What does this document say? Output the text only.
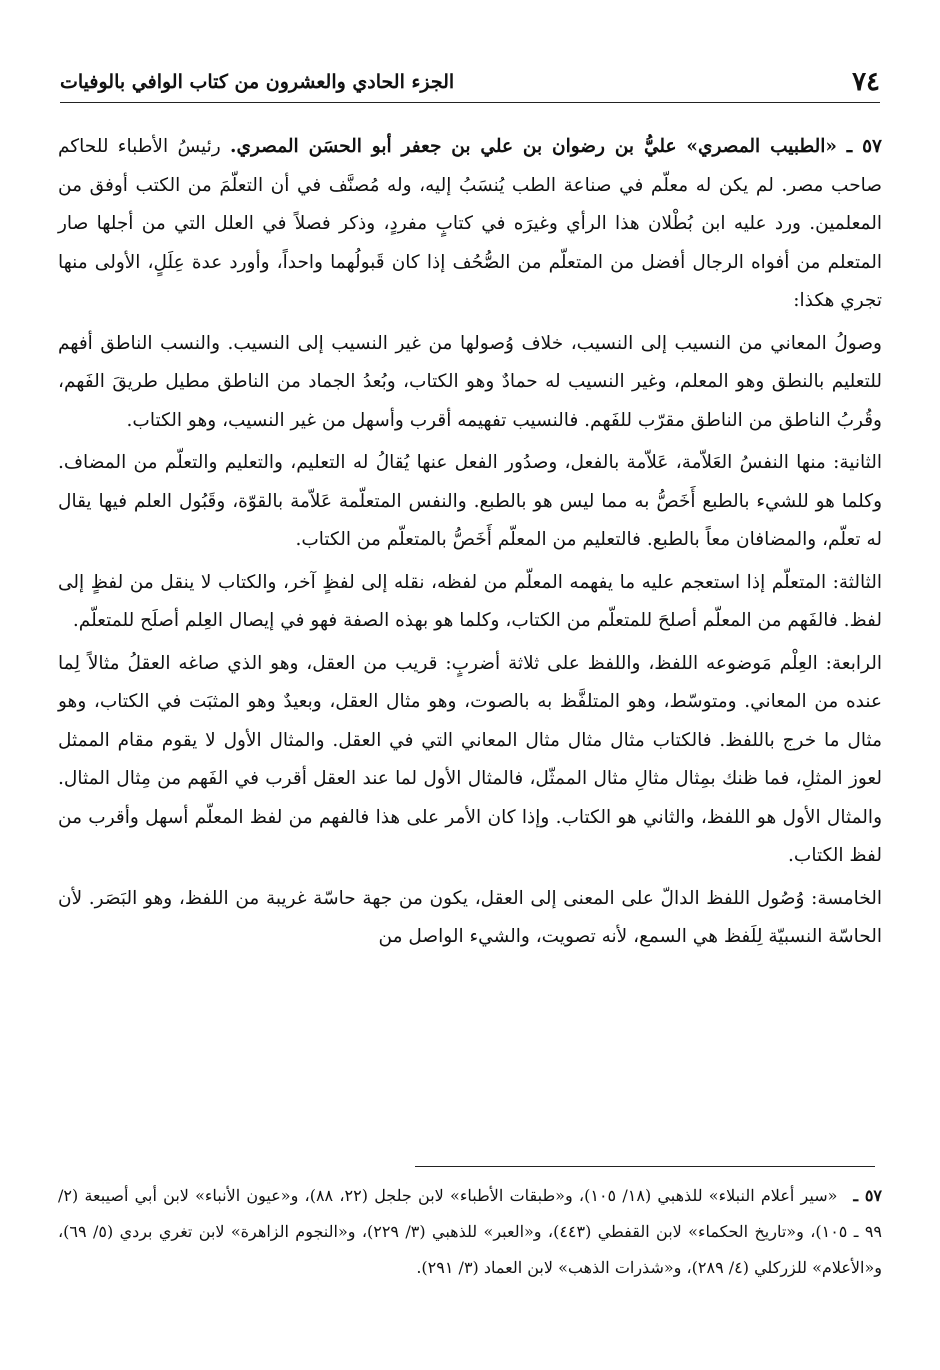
٧٤
الجزء الحادي والعشرون من كتاب الوافي بالوفيات

٥٧ ـ «الطبيب المصري» عليُّ بن رضوان بن علي بن جعفر أبو الحسَن المصري. رئيسُ الأطباء للحاكم صاحب مصر. لم يكن له معلّم في صناعة الطب يُنسَبُ إليه، وله مُصنَّف في أن التعلّمَ من الكتب أوفق من المعلمين. ورد عليه ابن بُطْلان هذا الرأي وغيرَه في كتابٍ مفردٍ، وذكر فصلاً في العلل التي من أجلها صار المتعلم من أفواه الرجال أفضل من المتعلّم من الصُّحُف إذا كان قَبولُهما واحداً، وأورد عدة عِلَلٍ، الأولى منها تجري هكذا:

وصولُ المعاني من النسيب إلى النسيب، خلاف وُصولها من غير النسيب إلى النسيب. والنسب الناطق أفهم للتعليم بالنطق وهو المعلم، وغير النسيب له حمادٌ وهو الكتاب، وبُعدُ الجماد من الناطق مطيل طريقَ الفَهم، وقُربُ الناطق من الناطق مقرّب للفَهم. فالنسيب تفهيمه أقرب وأسهل من غير النسيب، وهو الكتاب.

الثانية: منها النفسُ العَلاّمة، عَلاّمة بالفعل، وصدُور الفعل عنها يُقالُ له التعليم، والتعليم والتعلّم من المضاف. وكلما هو للشيء بالطبع أَخَصُّ به مما ليس هو بالطبع. والنفس المتعلّمة عَلاّمة بالقوّة، وقَبُول العلم فيها يقال له تعلّم، والمضافان معاً بالطبع. فالتعليم من المعلّم أَخَصُّ بالمتعلّم من الكتاب.

الثالثة: المتعلّم إذا استعجم عليه ما يفهمه المعلّم من لفظه، نقله إلى لفظٍ آخر، والكتاب لا ينقل من لفظٍ إلى لفظ. فالفَهم من المعلّم أصلحَ للمتعلّم من الكتاب، وكلما هو بهذه الصفة فهو في إيصال العِلم أصلَح للمتعلّم.

الرابعة: العِلْم مَوضوعه اللفظ، واللفظ على ثلاثة أضربٍ: قريب من العقل، وهو الذي صاغه العقلُ مثالاً لِما عنده من المعاني. ومتوسّط، وهو المتلفَّظ به بالصوت، وهو مثال العقل، وبعيدٌ وهو المثبَت في الكتاب، وهو مثال ما خرج باللفظ. فالكتاب مثال مثال مثال المعاني التي في العقل. والمثال الأول لا يقوم مقام الممثل لعوز المثلِ، فما ظنك بمِثال مثالِ مثال الممثّل، فالمثال الأول لما عند العقل أقرب في الفَهم من مِثال المثال. والمثال الأول هو اللفظ، والثاني هو الكتاب. وإذا كان الأمر على هذا فالفهم من لفظ المعلّم أسهل وأقرب من لفظ الكتاب.

الخامسة: وُصُول اللفظ الدالّ على المعنى إلى العقل، يكون من جهة حاسّة غريبة من اللفظ، وهو البَصَر. لأن الحاسّة النسبيّة لِلَفظ هي السمع، لأنه تصويت، والشيء الواصل من

٥٧ ـ«سير أعلام النبلاء» للذهبي (١٨/ ١٠٥)، و«طبقات الأطباء» لابن جلجل (٢٢، ٨٨)، و«عيون الأنباء» لابن أبي أصيبعة (٢/ ٩٩ ـ ١٠٥)، و«تاريخ الحكماء» لابن القفطي (٤٤٣)، و«العبر» للذهبي (٣/ ٢٢٩)، و«النجوم الزاهرة» لابن تغري بردي (٥/ ٦٩)، و«الأعلام» للزركلي (٤/ ٢٨٩)، و«شذرات الذهب» لابن العماد (٣/ ٢٩١).
